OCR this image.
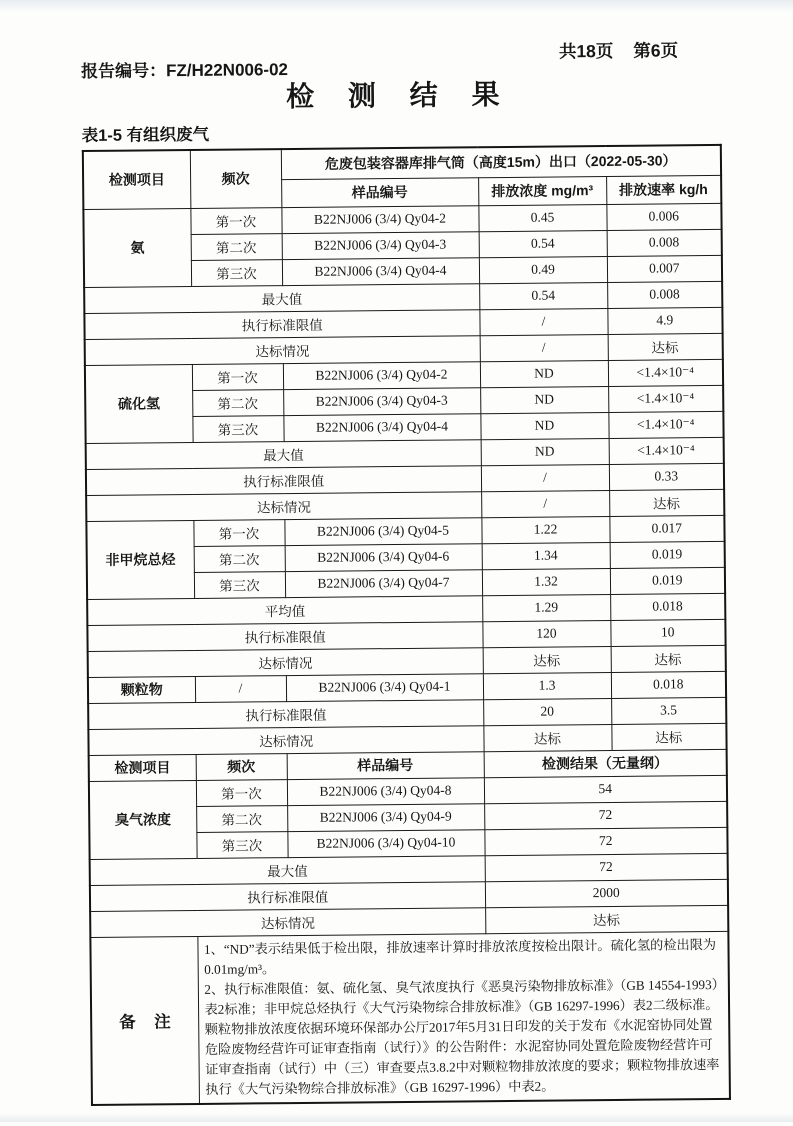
报告编号：FZ/H22N006-02
共18页 第6页
检 测 结 果
表1-5 有组织废气
检测项目	频次	危废包装容器库排气筒（高度15m）出口（2022-05-30）		
		样品编号	排放浓度 mg/m³	排放速率 kg/h
氨	第一次	B22NJ006 (3/4) Qy04-2	0.45	0.006
	第二次	B22NJ006 (3/4) Qy04-3	0.54	0.008
	第三次	B22NJ006 (3/4) Qy04-4	0.49	0.007
最大值			0.54	0.008
执行标准限值			/	4.9
达标情况			/	达标
硫化氢	第一次	B22NJ006 (3/4) Qy04-2	ND	<1.4×10⁻⁴
	第二次	B22NJ006 (3/4) Qy04-3	ND	<1.4×10⁻⁴
	第三次	B22NJ006 (3/4) Qy04-4	ND	<1.4×10⁻⁴
最大值			ND	<1.4×10⁻⁴
执行标准限值			/	0.33
达标情况			/	达标
非甲烷总烃	第一次	B22NJ006 (3/4) Qy04-5	1.22	0.017
	第二次	B22NJ006 (3/4) Qy04-6	1.34	0.019
	第三次	B22NJ006 (3/4) Qy04-7	1.32	0.019
平均值			1.29	0.018
执行标准限值			120	10
达标情况			达标	达标
颗粒物	/	B22NJ006 (3/4) Qy04-1	1.3	0.018
执行标准限值			20	3.5
达标情况			达标	达标
检测项目	频次	样品编号	检测结果（无量纲）	
臭气浓度	第一次	B22NJ006 (3/4) Qy04-8	54	
	第二次	B22NJ006 (3/4) Qy04-9	72	
	第三次	B22NJ006 (3/4) Qy04-10	72	
最大值			72	
执行标准限值			2000	
达标情况			达标	
备 注	1、“ND”表示结果低于检出限，排放速率计算时排放浓度按检出限计。硫化氢的检出限为0.01mg/m³。

2、执行标准限值：氨、硫化氢、臭气浓度执行《恶臭污染物排放标准》（GB 14554-1993）表2标准；非甲烷总烃执行《大气污染物综合排放标准》（GB 16297-1996）表2二级标准。颗粒物排放浓度依据环境环保部办公厅2017年5月31日印发的关于发布《水泥窑协同处置危险废物经营许可证审查指南（试行）》的公告附件：水泥窑协同处置危险废物经营许可证审查指南（试行）中（三）审查要点3.8.2中对颗粒物排放浓度的要求；颗粒物排放速率执行《大气污染物综合排放标准》（GB 16297-1996）中表2。			
